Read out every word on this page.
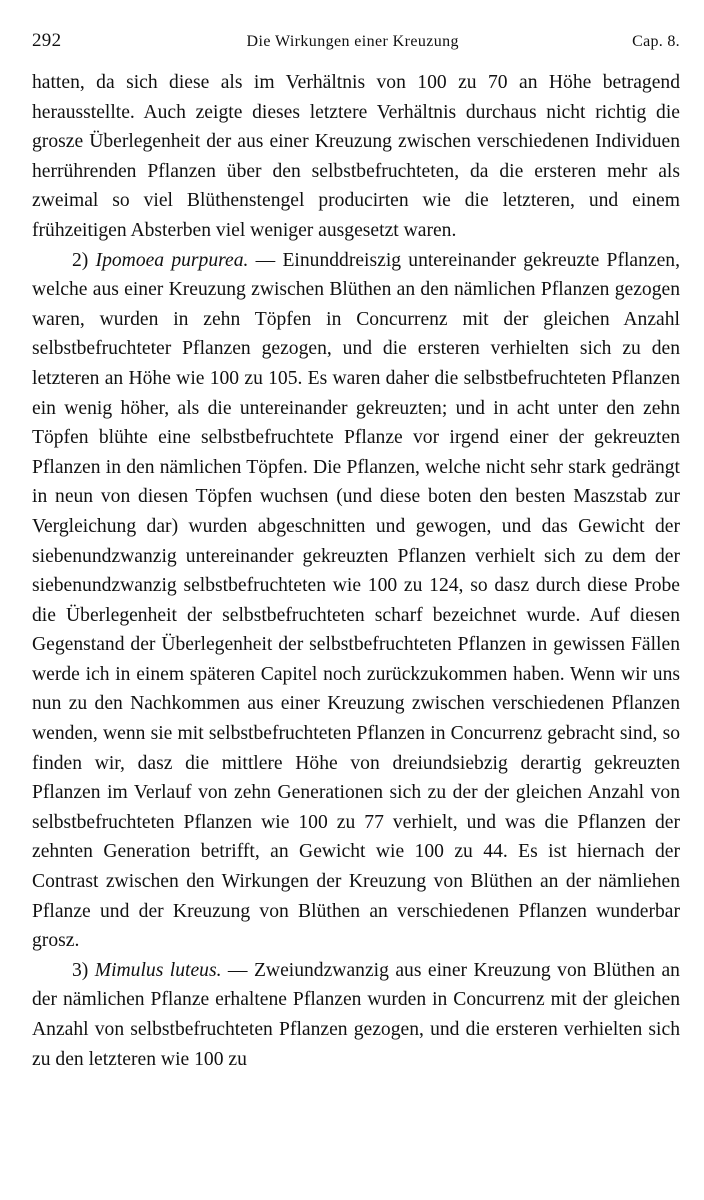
292	Die Wirkungen einer Kreuzung	Cap. 8.

hatten, da sich diese als im Verhältnis von 100 zu 70 an Höhe betragend herausstellte. Auch zeigte dieses letztere Verhältnis durchaus nicht richtig die grosze Überlegenheit der aus einer Kreuzung zwischen verschiedenen Individuen herrührenden Pflanzen über den selbstbefruchteten, da die ersteren mehr als zweimal so viel Blüthenstengel producirten wie die letzteren, und einem frühzeitigen Absterben viel weniger ausgesetzt waren.

2) Ipomoea purpurea. — Einunddreiszig untereinander gekreuzte Pflanzen, welche aus einer Kreuzung zwischen Blüthen an den nämlichen Pflanzen gezogen waren, wurden in zehn Töpfen in Concurrenz mit der gleichen Anzahl selbstbefruchteter Pflanzen gezogen, und die ersteren verhielten sich zu den letzteren an Höhe wie 100 zu 105. Es waren daher die selbstbefruchteten Pflanzen ein wenig höher, als die untereinander gekreuzten; und in acht unter den zehn Töpfen blühte eine selbstbefruchtete Pflanze vor irgend einer der gekreuzten Pflanzen in den nämlichen Töpfen. Die Pflanzen, welche nicht sehr stark gedrängt in neun von diesen Töpfen wuchsen (und diese boten den besten Maszstab zur Vergleichung dar) wurden abgeschnitten und gewogen, und das Gewicht der siebenundzwanzig untereinander gekreuzten Pflanzen verhielt sich zu dem der siebenundzwanzig selbstbefruchteten wie 100 zu 124, so dasz durch diese Probe die Überlegenheit der selbstbefruchteten scharf bezeichnet wurde. Auf diesen Gegenstand der Überlegenheit der selbstbefruchteten Pflanzen in gewissen Fällen werde ich in einem späteren Capitel noch zurückzukommen haben. Wenn wir uns nun zu den Nachkommen aus einer Kreuzung zwischen verschiedenen Pflanzen wenden, wenn sie mit selbstbefruchteten Pflanzen in Concurrenz gebracht sind, so finden wir, dasz die mittlere Höhe von dreiundsiebzig derartig gekreuzten Pflanzen im Verlauf von zehn Generationen sich zu der der gleichen Anzahl von selbstbefruchteten Pflanzen wie 100 zu 77 verhielt, und was die Pflanzen der zehnten Generation betrifft, an Gewicht wie 100 zu 44. Es ist hiernach der Contrast zwischen den Wirkungen der Kreuzung von Blüthen an der nämliehen Pflanze und der Kreuzung von Blüthen an verschiedenen Pflanzen wunderbar grosz.

3) Mimulus luteus. — Zweiundzwanzig aus einer Kreuzung von Blüthen an der nämlichen Pflanze erhaltene Pflanzen wurden in Concurrenz mit der gleichen Anzahl von selbstbefruchteten Pflanzen gezogen, und die ersteren verhielten sich zu den letzteren wie 100 zu
